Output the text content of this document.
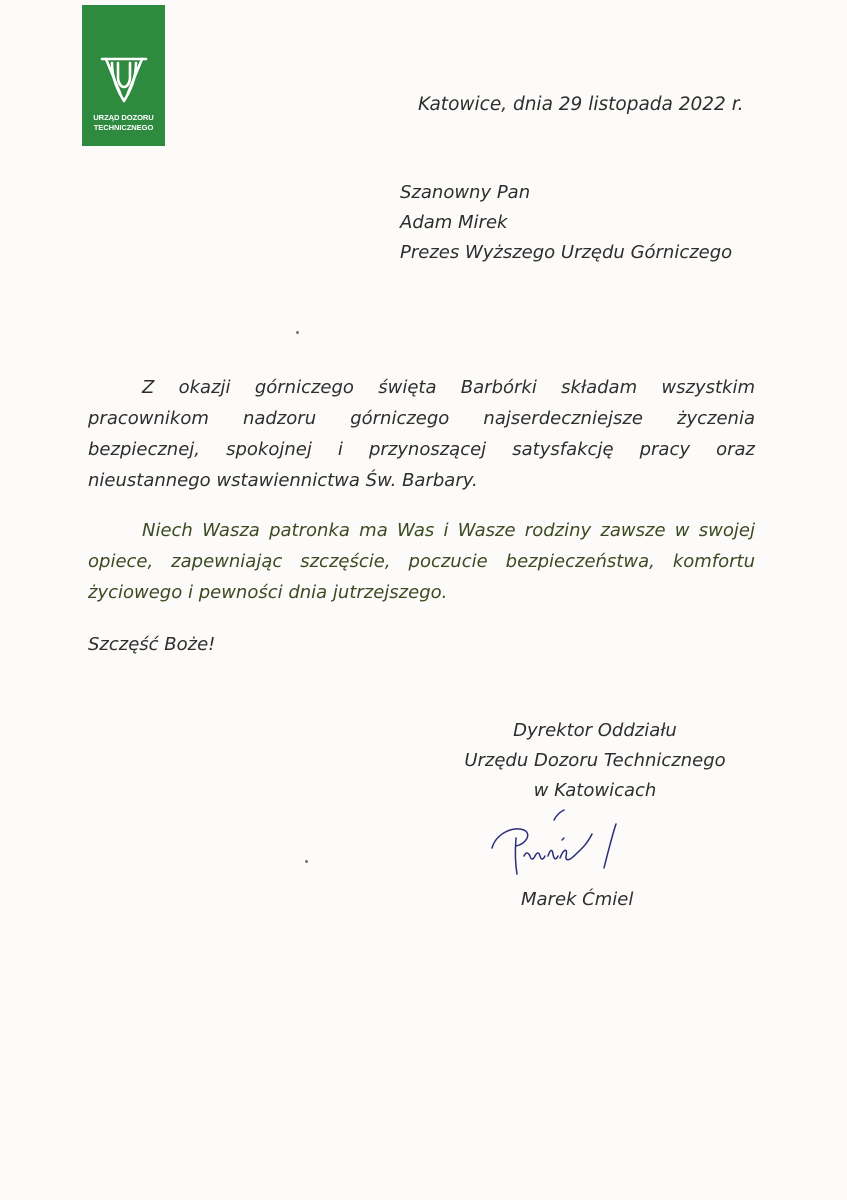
URZĄD DOZORU
TECHNICZNEGO
Katowice, dnia 29 listopada 2022 r.
Szanowny Pan
Adam Mirek
Prezes Wyższego Urzędu Górniczego
Z okazji górniczego święta Barbórki składam wszystkim
pracownikom nadzoru górniczego najserdeczniejsze życzenia
bezpiecznej, spokojnej i przynoszącej satysfakcję pracy oraz
nieustannego wstawiennictwa Św. Barbary.
Niech Wasza patronka ma Was i Wasze rodziny zawsze w swojej
opiece, zapewniając szczęście, poczucie bezpieczeństwa, komfortu
życiowego i pewności dnia jutrzejszego.
Szczęść Boże!
Dyrektor Oddziału
Urzędu Dozoru Technicznego
w Katowicach
Marek Ćmiel
